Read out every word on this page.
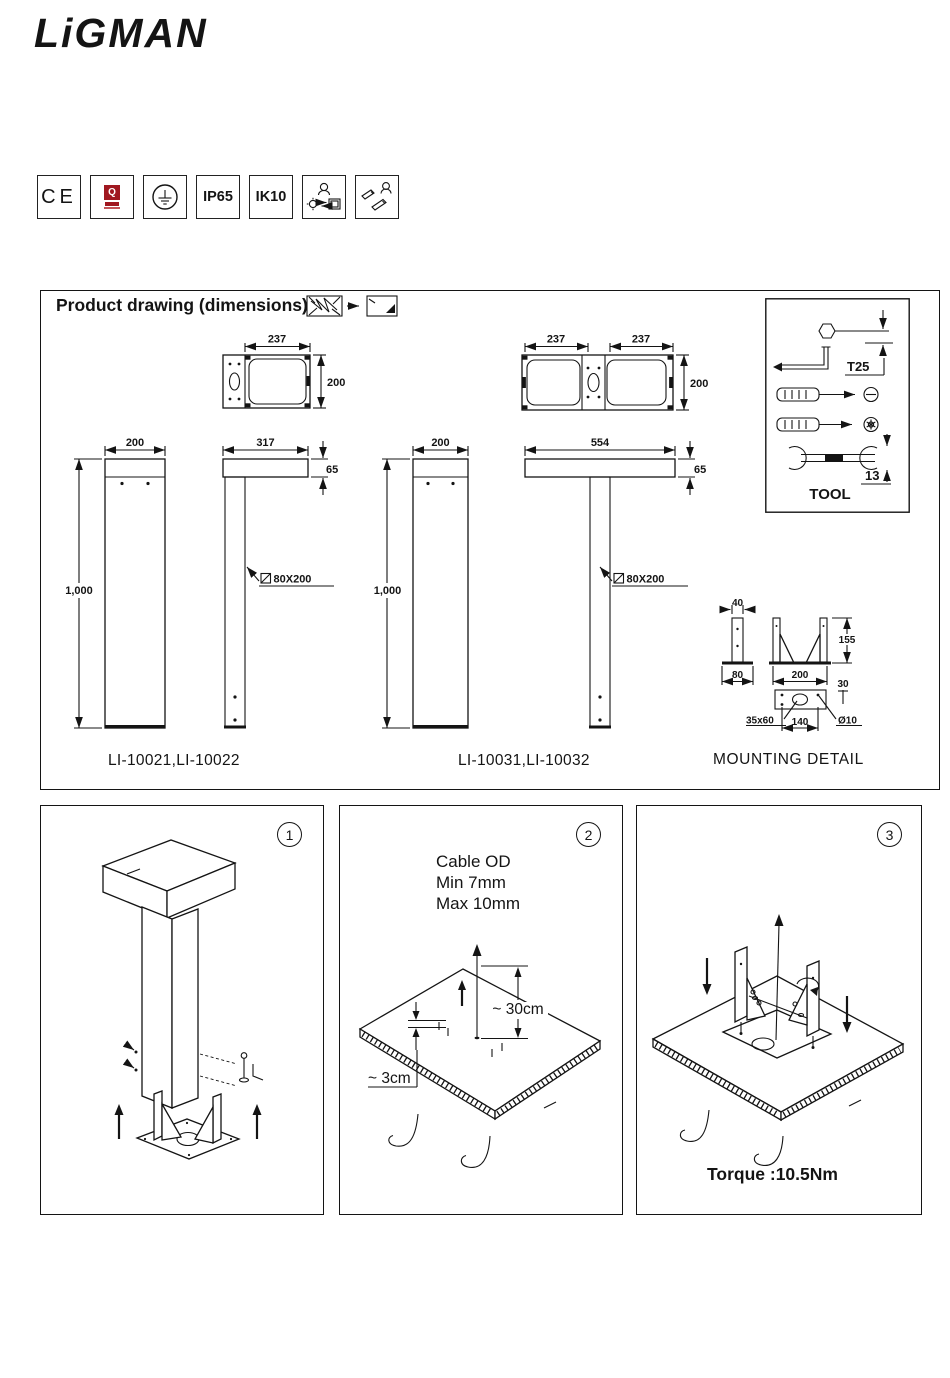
LiGMAN
CE	Q	IP65 IK10
Product drawing (dimensions)
237
200
200
1,000
317
65
80X200
LI-10021,LI-10022
237	237
200
200
1,000
554
65
80X200
LI-10031,LI-10032
T25
13
TOOL
40
80	200
155
30
35x60	Ø10
140
MOUNTING DETAIL
1	2
Cable OD
Min 7mm
Max 10mm
~ 30cm
~ 3cm
3
Torque :10.5Nm
